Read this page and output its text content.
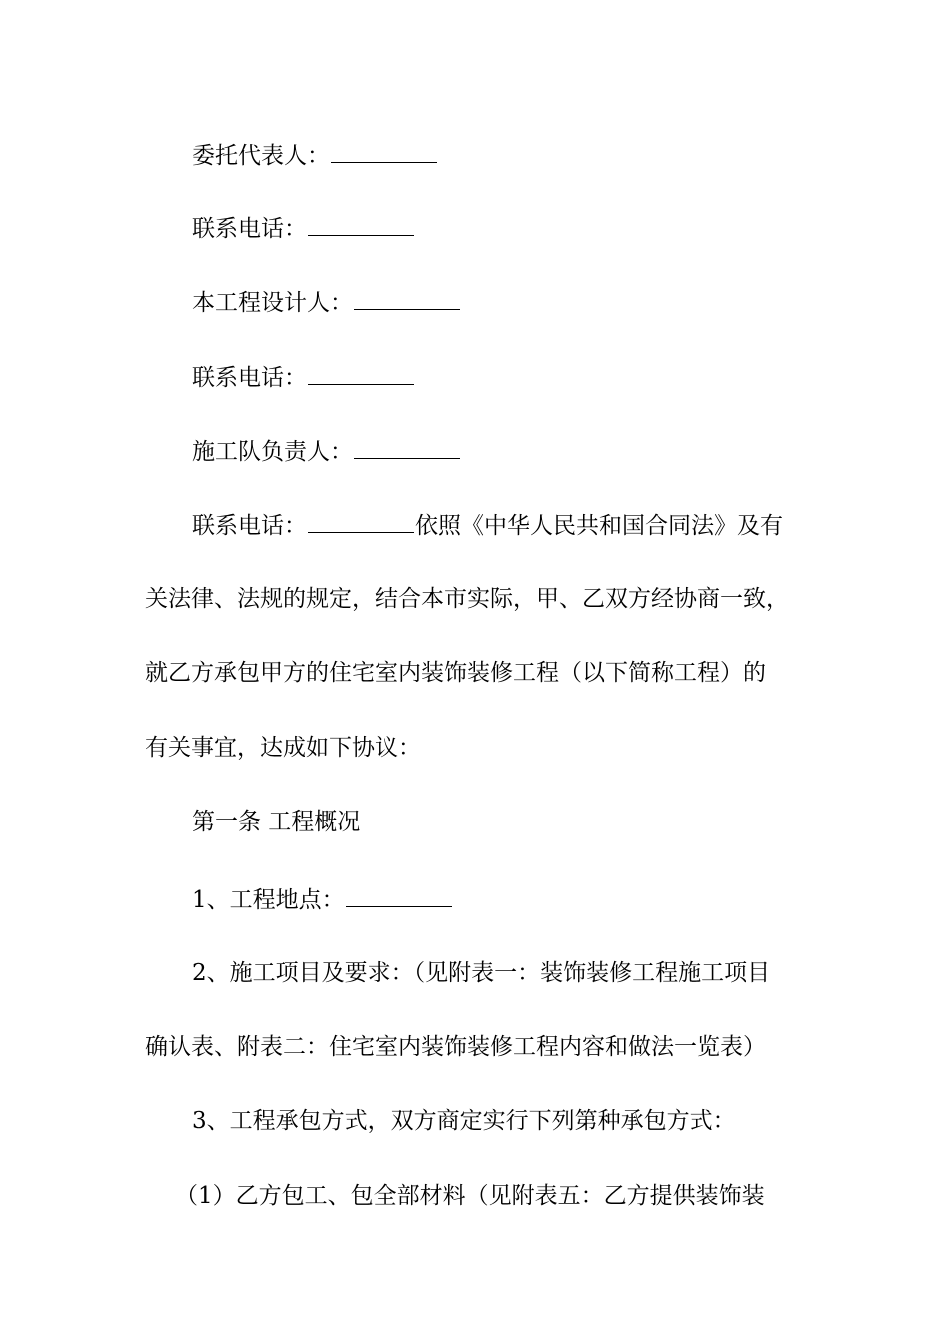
委托代表人：
联系电话：
本工程设计人：
联系电话：
施工队负责人：
联系电话：	依照《中华人民共和国合同法》及有
关法律、法规的规定，结合本市实际，甲、乙双方经协商一致，
就乙方承包甲方的住宅室内装饰装修工程（以下简称工程）的
有关事宜，达成如下协议：
第一条 工程概况
1、工程地点：
2、施工项目及要求：（见附表一：装饰装修工程施工项目
确认表、附表二：住宅室内装饰装修工程内容和做法一览表）
3、工程承包方式，双方商定实行下列第种承包方式：
（1）乙方包工、包全部材料（见附表五：乙方提供装饰装
